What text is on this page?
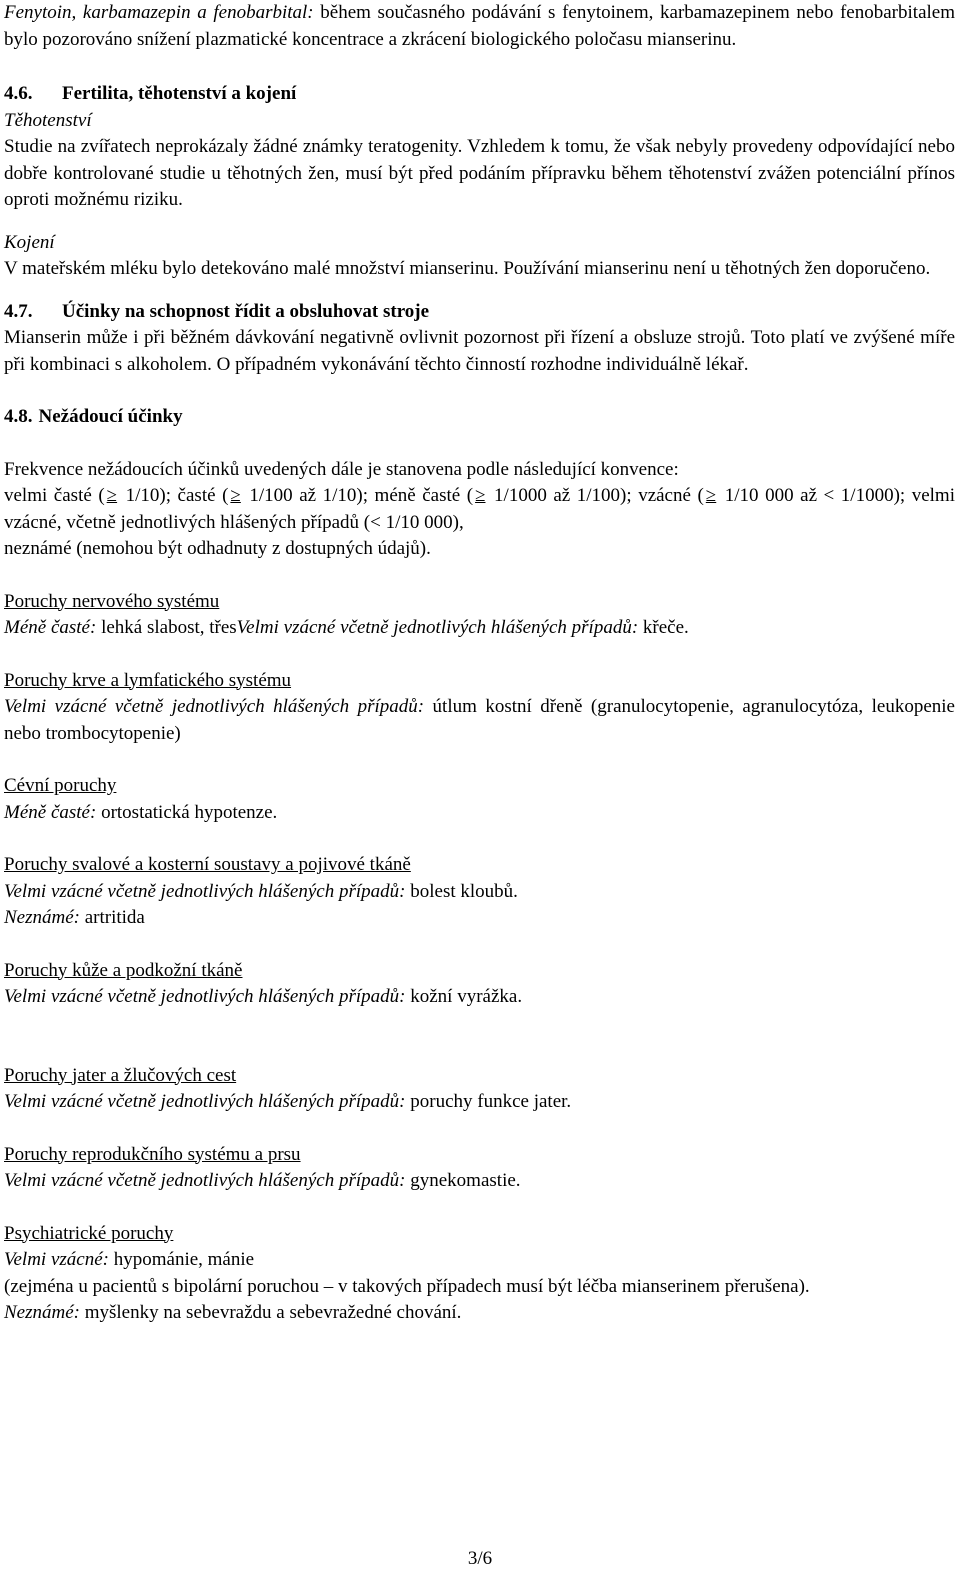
Fenytoin, karbamazepin a fenobarbital: během současného podávání s fenytoinem, karbamazepinem nebo fenobarbitalem bylo pozorováno snížení plazmatické koncentrace a zkrácení biologického poločasu mianserinu.

4.6. Fertilita, těhotenství a kojení

Těhotenství

Studie na zvířatech neprokázaly žádné známky teratogenity. Vzhledem k tomu, že však nebyly provedeny odpovídající nebo dobře kontrolované studie u těhotných žen, musí být před podáním přípravku během těhotenství zvážen potenciální přínos oproti možnému riziku.

Kojení

V mateřském mléku bylo detekováno malé množství mianserinu. Používání mianserinu není u těhotných žen doporučeno.

4.7. Účinky na schopnost řídit a obsluhovat stroje

Mianserin může i při běžném dávkování negativně ovlivnit pozornost při řízení a obsluze strojů. Toto platí ve zvýšené míře při kombinaci s alkoholem. O případném vykonávání těchto činností rozhodne individuálně lékař.

4.8. Nežádoucí účinky

Frekvence nežádoucích účinků uvedených dále je stanovena podle následující konvence:
velmi časté ( ≥ 1/10); časté ( ≥ 1/100 až 1/10); méně časté ( ≥ 1/1000 až 1/100); vzácné ( ≥ 1/10 000 až < 1/1000); velmi vzácné, včetně jednotlivých hlášených případů (< 1/10 000),

neznámé (nemohou být odhadnuty z dostupných údajů).

Poruchy nervového systému

Méně časté: lehká slabost, třesVelmi vzácné včetně jednotlivých hlášených případů: křeče.

Poruchy krve a lymfatického systému

Velmi vzácné včetně jednotlivých hlášených případů: útlum kostní dřeně (granulocytopenie, agranulocytóza, leukopenie nebo trombocytopenie)

Cévní poruchy

Méně časté: ortostatická hypotenze.

Poruchy svalové a kosterní soustavy a pojivové tkáně

Velmi vzácné včetně jednotlivých hlášených případů: bolest kloubů.

Neznámé: artritida

Poruchy kůže a podkožní tkáně

Velmi vzácné včetně jednotlivých hlášených případů: kožní vyrážka.

Poruchy jater a žlučových cest

Velmi vzácné včetně jednotlivých hlášených případů: poruchy funkce jater.

Poruchy reprodukčního systému a prsu

Velmi vzácné včetně jednotlivých hlášených případů: gynekomastie.

Psychiatrické poruchy

Velmi vzácné: hypománie, mánie

(zejména u pacientů s bipolární poruchou – v takových případech musí být léčba mianserinem přerušena).

Neznámé: myšlenky na sebevraždu a sebevražedné chování.

3/6
